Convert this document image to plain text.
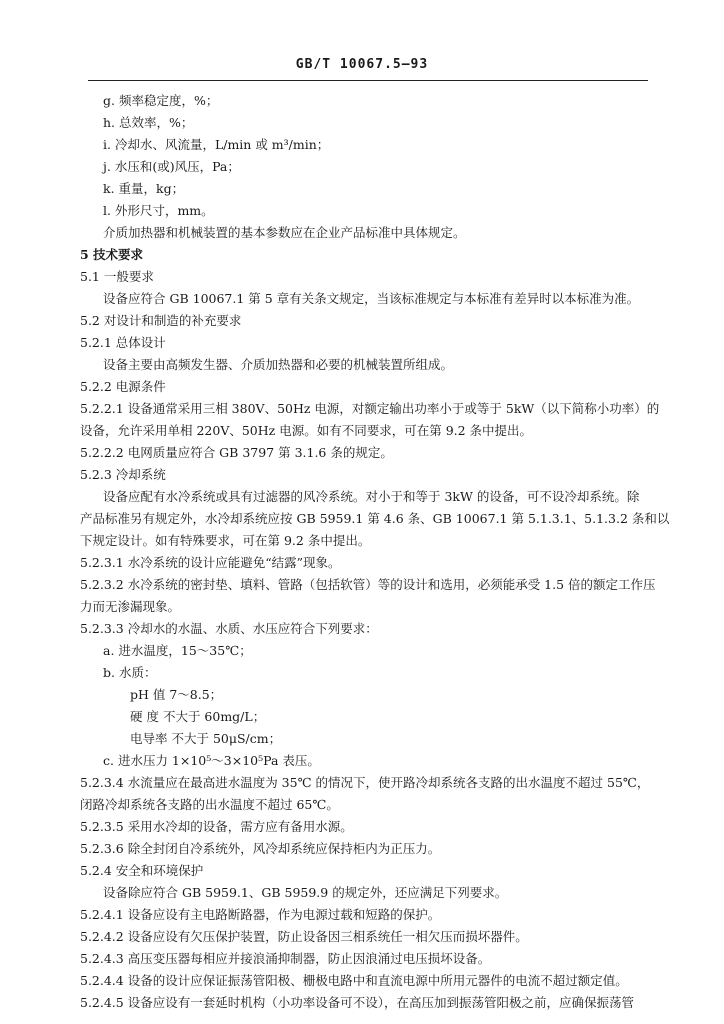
GB/T 10067.5—93
g. 频率稳定度，%；
h. 总效率，%；
i. 冷却水、风流量，L/min 或 m³/min；
j. 水压和(或)风压，Pa；
k. 重量，kg；
l. 外形尺寸，mm。
介质加热器和机械装置的基本参数应在企业产品标准中具体规定。
5 技术要求
5.1 一般要求
设备应符合 GB 10067.1 第 5 章有关条文规定，当该标准规定与本标准有差异时以本标准为准。
5.2 对设计和制造的补充要求
5.2.1 总体设计
设备主要由高频发生器、介质加热器和必要的机械装置所组成。
5.2.2 电源条件
5.2.2.1 设备通常采用三相 380V、50Hz 电源，对额定输出功率小于或等于 5kW（以下简称小功率）的
设备，允许采用单相 220V、50Hz 电源。如有不同要求，可在第 9.2 条中提出。
5.2.2.2 电网质量应符合 GB 3797 第 3.1.6 条的规定。
5.2.3 冷却系统
设备应配有水冷系统或具有过滤器的风冷系统。对小于和等于 3kW 的设备，可不设冷却系统。除
产品标准另有规定外，水冷却系统应按 GB 5959.1 第 4.6 条、GB 10067.1 第 5.1.3.1、5.1.3.2 条和以
下规定设计。如有特殊要求，可在第 9.2 条中提出。
5.2.3.1 水冷系统的设计应能避免“结露”现象。
5.2.3.2 水冷系统的密封垫、填料、管路（包括软管）等的设计和选用，必须能承受 1.5 倍的额定工作压
力而无渗漏现象。
5.2.3.3 冷却水的水温、水质、水压应符合下列要求：
a. 进水温度，15～35℃；
b. 水质：
pH 值 7～8.5；
硬 度 不大于 60mg/L；
电导率 不大于 50μS/cm；
c. 进水压力 1×10⁵～3×10⁵Pa 表压。
5.2.3.4 水流量应在最高进水温度为 35℃ 的情况下，使开路冷却系统各支路的出水温度不超过 55℃，
闭路冷却系统各支路的出水温度不超过 65℃。
5.2.3.5 采用水冷却的设备，需方应有备用水源。
5.2.3.6 除全封闭自冷系统外，风冷却系统应保持柜内为正压力。
5.2.4 安全和环境保护
设备除应符合 GB 5959.1、GB 5959.9 的规定外，还应满足下列要求。
5.2.4.1 设备应设有主电路断路器，作为电源过载和短路的保护。
5.2.4.2 设备应设有欠压保护装置，防止设备因三相系统任一相欠压而损坏器件。
5.2.4.3 高压变压器每相应并接浪涌抑制器，防止因浪涌过电压损坏设备。
5.2.4.4 设备的设计应保证振荡管阳极、栅极电路中和直流电源中所用元器件的电流不超过额定值。
5.2.4.5 设备应设有一套延时机构（小功率设备可不设），在高压加到振荡管阳极之前，应确保振荡管
